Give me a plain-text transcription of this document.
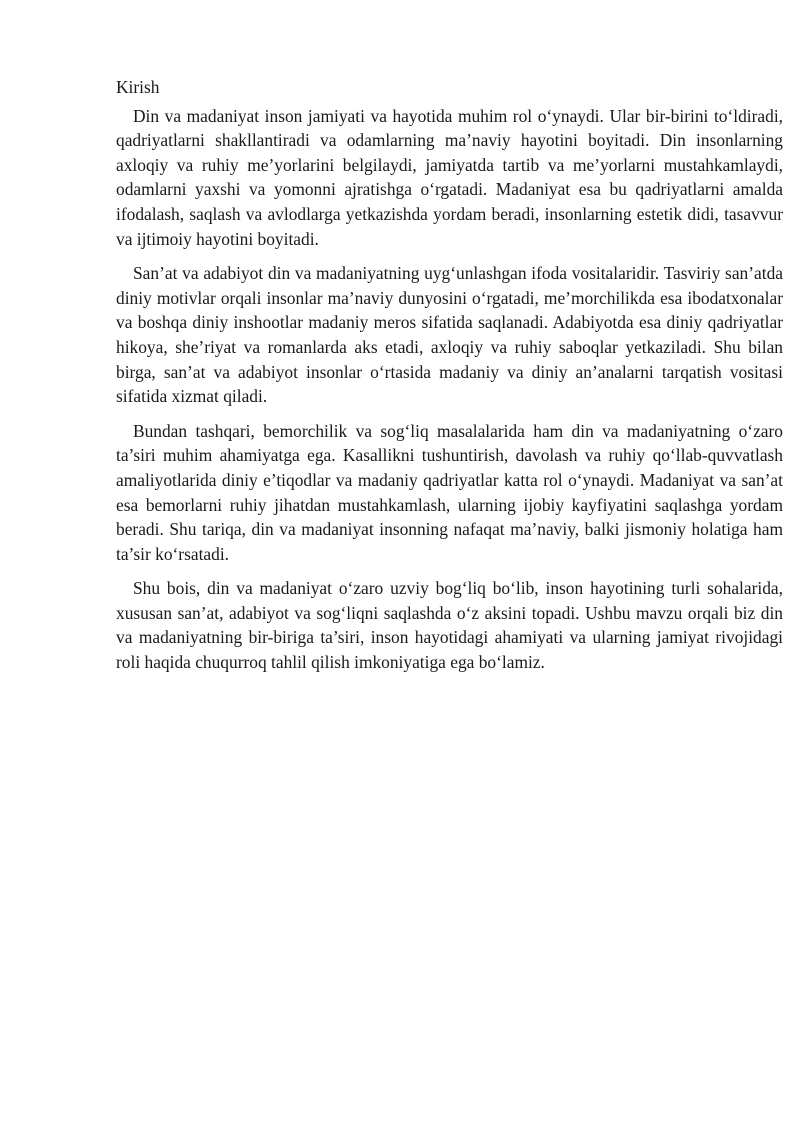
Kirish

Din va madaniyat inson jamiyati va hayotida muhim rol o‘ynaydi. Ular bir-birini to‘ldiradi, qadriyatlarni shakllantiradi va odamlarning ma’naviy hayotini boyitadi. Din insonlarning axloqiy va ruhiy me’yorlarini belgilaydi, jamiyatda tartib va me’yorlarni mustahkamlaydi, odamlarni yaxshi va yomonni ajratishga o‘rgatadi. Madaniyat esa bu qadriyatlarni amalda ifodalash, saqlash va avlodlarga yetkazishda yordam beradi, insonlarning estetik didi, tasavvur va ijtimoiy hayotini boyitadi.

San’at va adabiyot din va madaniyatning uyg‘unlashgan ifoda vositalaridir. Tasviriy san’atda diniy motivlar orqali insonlar ma’naviy dunyosini o‘rgatadi, me’morchilikda esa ibodatxonalar va boshqa diniy inshootlar madaniy meros sifatida saqlanadi. Adabiyotda esa diniy qadriyatlar hikoya, she’riyat va romanlarda aks etadi, axloqiy va ruhiy saboqlar yetkaziladi. Shu bilan birga, san’at va adabiyot insonlar o‘rtasida madaniy va diniy an’analarni tarqatish vositasi sifatida xizmat qiladi.

Bundan tashqari, bemorchilik va sog‘liq masalalarida ham din va madaniyatning o‘zaro ta’siri muhim ahamiyatga ega. Kasallikni tushuntirish, davolash va ruhiy qo‘llab-quvvatlash amaliyotlarida diniy e’tiqodlar va madaniy qadriyatlar katta rol o‘ynaydi. Madaniyat va san’at esa bemorlarni ruhiy jihatdan mustahkamlash, ularning ijobiy kayfiyatini saqlashga yordam beradi. Shu tariqa, din va madaniyat insonning nafaqat ma’naviy, balki jismoniy holatiga ham ta’sir ko‘rsatadi.

Shu bois, din va madaniyat o‘zaro uzviy bog‘liq bo‘lib, inson hayotining turli sohalarida, xususan san’at, adabiyot va sog‘liqni saqlashda o‘z aksini topadi. Ushbu mavzu orqali biz din va madaniyatning bir-biriga ta’siri, inson hayotidagi ahamiyati va ularning jamiyat rivojidagi roli haqida chuqurroq tahlil qilish imkoniyatiga ega bo‘lamiz.
